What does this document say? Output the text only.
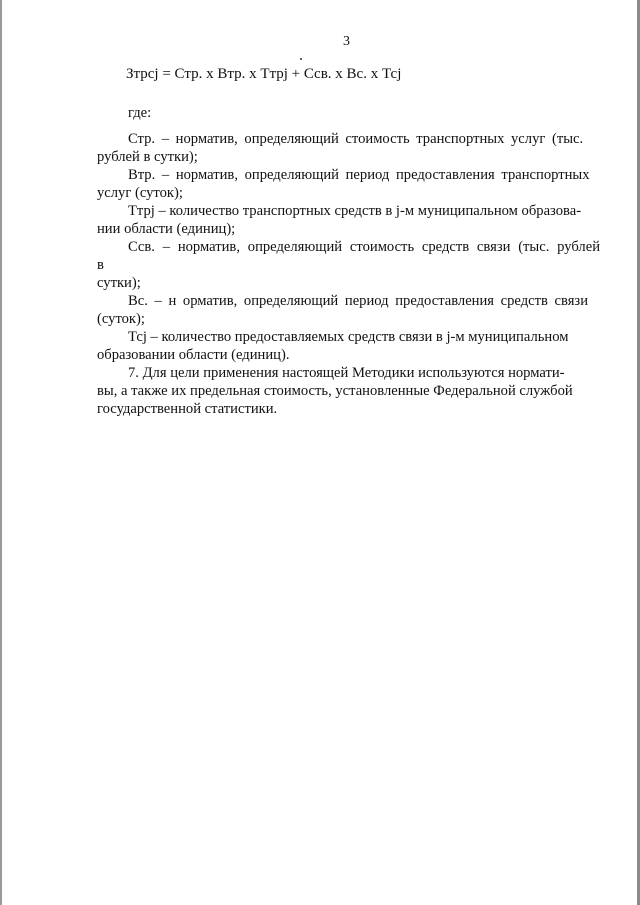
3
Зтрсj = Стр. х Втр. х Ттрj + Ссв. х Вс. х Тсj

где:

Стр. – норматив, определяющий стоимость транспортных услуг (тыс.
рублей в сутки);

Втр. – норматив, определяющий период предоставления транспортных
услуг (суток);

Ттрj – количество транспортных средств в j-м муниципальном образова-
нии области (единиц);

Ссв. – норматив, определяющий стоимость средств связи (тыс. рублей в
сутки);

Вс. – н орматив, определяющий период предоставления средств связи
(суток);

Тсj – количество предоставляемых средств связи в j-м муниципальном
образовании области (единиц).

7. Для цели применения настоящей Методики используются нормати-
вы, а также их предельная стоимость, установленные Федеральной службой
государственной статистики.
